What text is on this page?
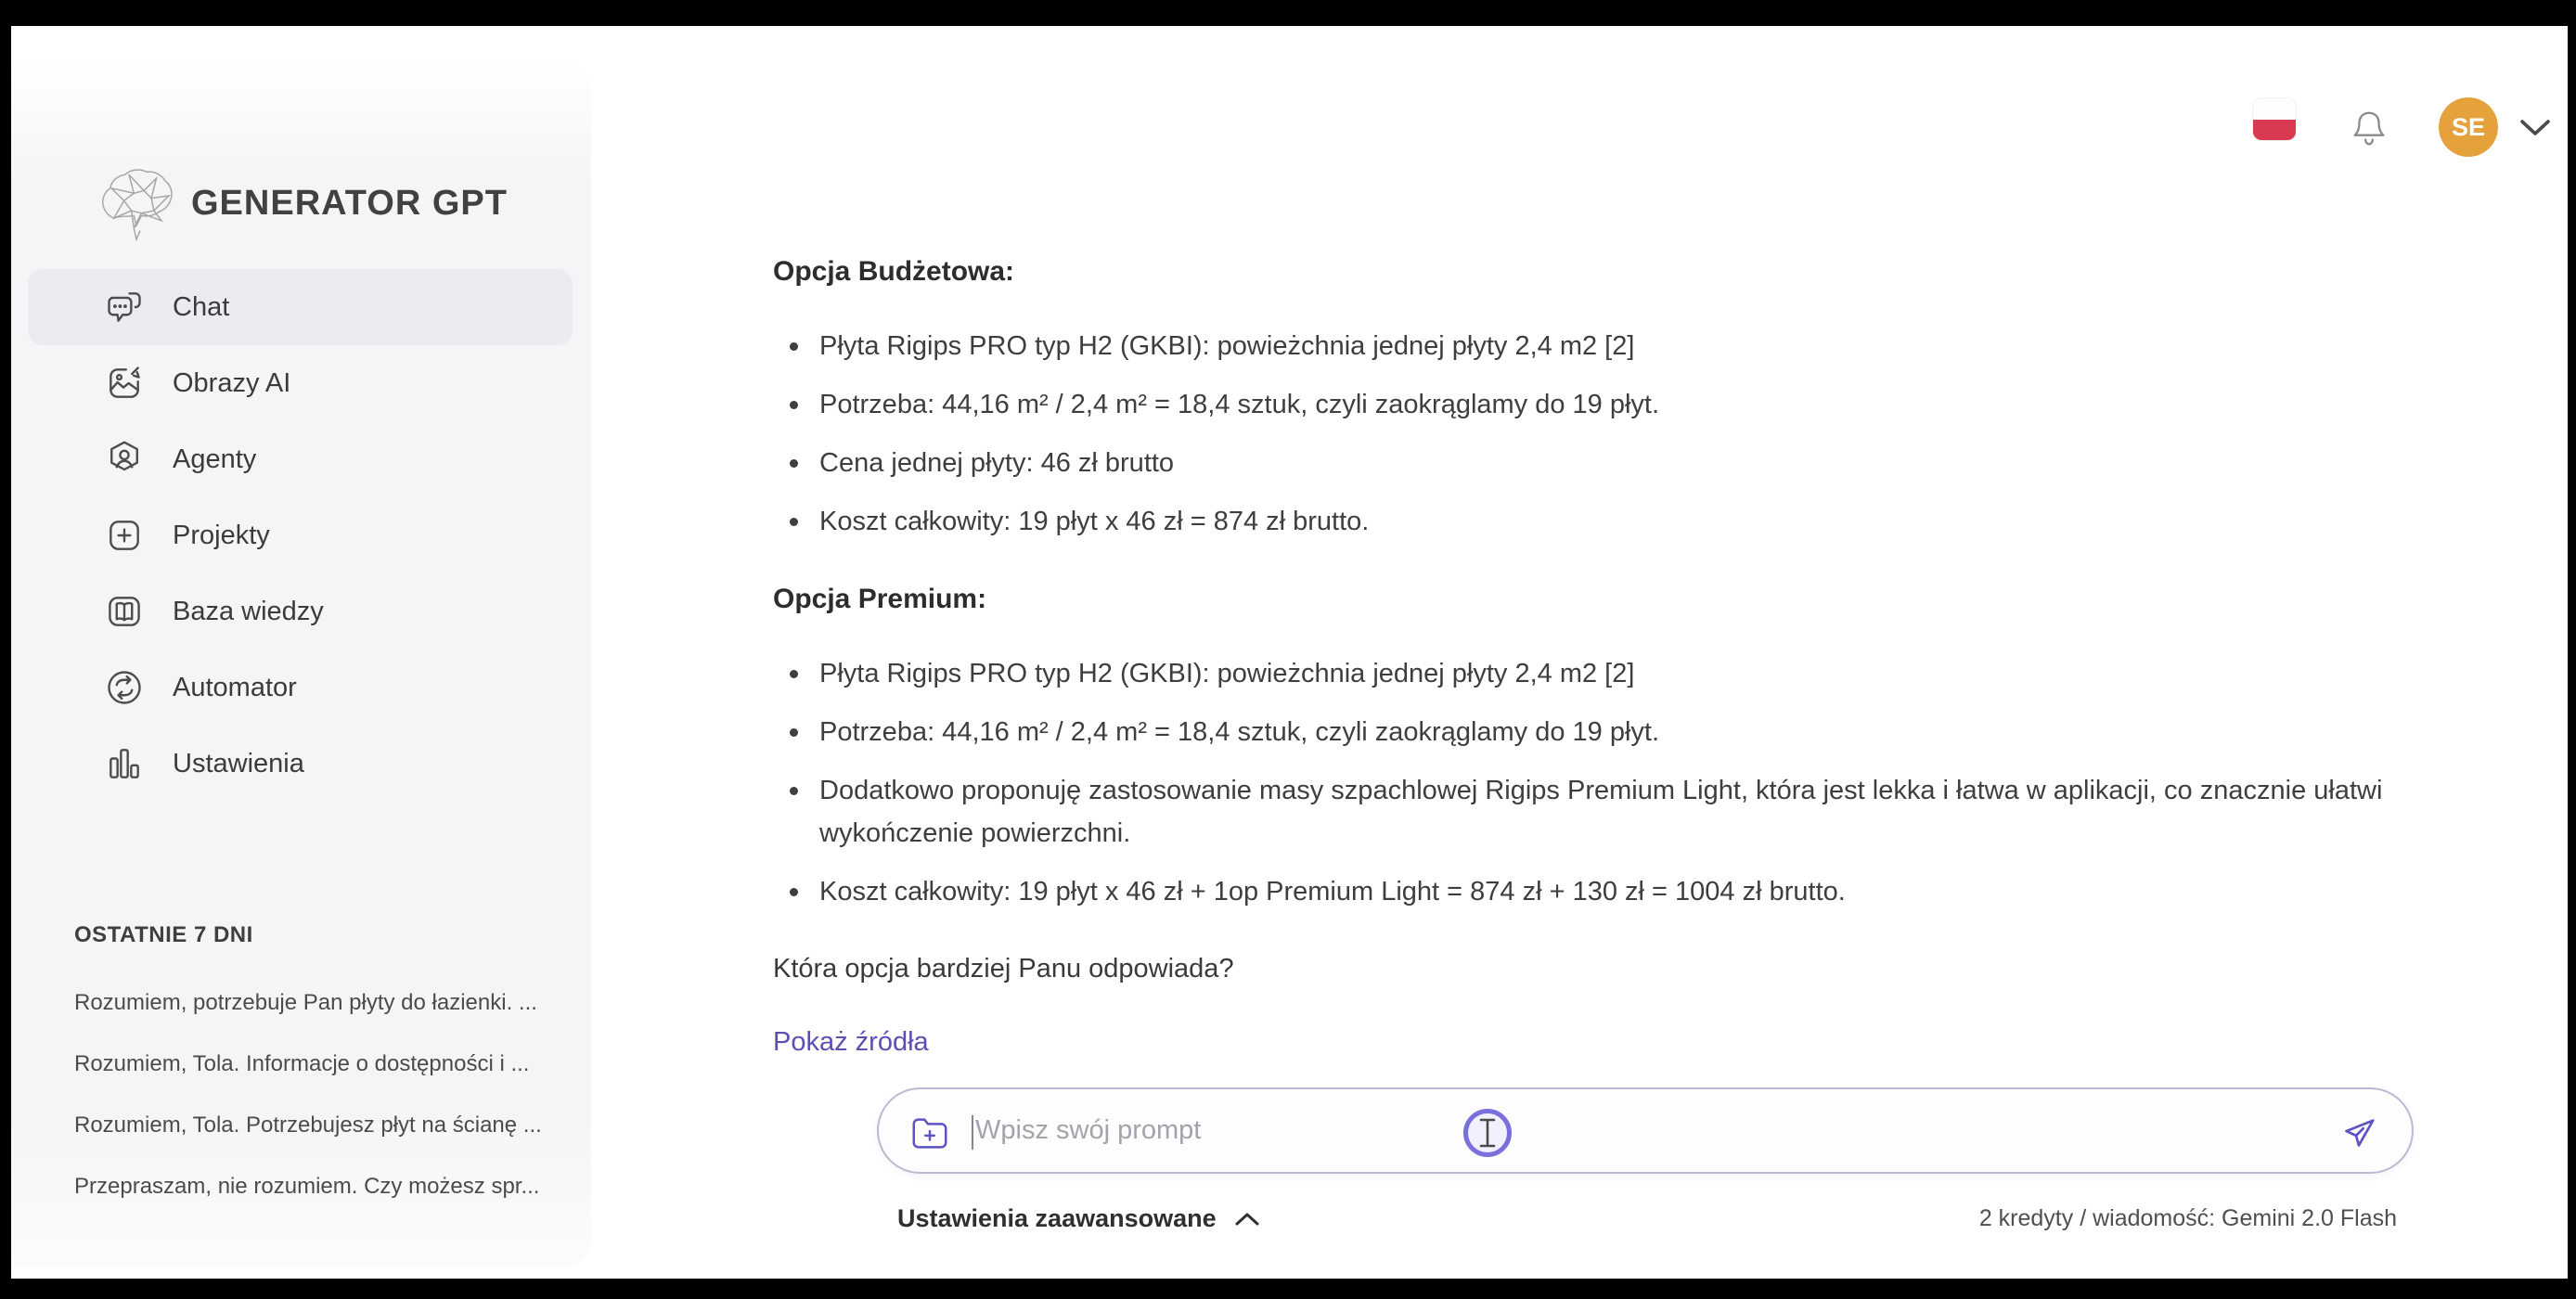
GENERATOR GPT
Chat
Obrazy AI
Agenty
Projekty
Baza wiedzy
Automator
Ustawienia
OSTATNIE 7 DNI
Rozumiem, potrzebuje Pan płyty do łazienki. ...
Rozumiem, Tola. Informacje o dostępności i ...
Rozumiem, Tola. Potrzebujesz płyt na ścianę ...
Przepraszam, nie rozumiem. Czy możesz spr...
SE
Opcja Budżetowa:
Płyta Rigips PRO typ H2 (GKBI): powieżchnia jednej płyty 2,4 m2 [2]
Potrzeba: 44,16 m² / 2,4 m² = 18,4 sztuk, czyli zaokrąglamy do 19 płyt.
Cena jednej płyty: 46 zł brutto
Koszt całkowity: 19 płyt x 46 zł = 874 zł brutto.
Opcja Premium:
Płyta Rigips PRO typ H2 (GKBI): powieżchnia jednej płyty 2,4 m2 [2]
Potrzeba: 44,16 m² / 2,4 m² = 18,4 sztuk, czyli zaokrąglamy do 19 płyt.
Dodatkowo proponuję zastosowanie masy szpachlowej Rigips Premium Light, która jest lekka i łatwa w aplikacji, co znacznie ułatwi wykończenie powierzchni.
Koszt całkowity: 19 płyt x 46 zł + 1op Premium Light = 874 zł + 130 zł = 1004 zł brutto.
Która opcja bardziej Panu odpowiada?
Pokaż źródła
Wpisz swój prompt
Ustawienia zaawansowane	2 kredyty / wiadomość: Gemini 2.0 Flash
